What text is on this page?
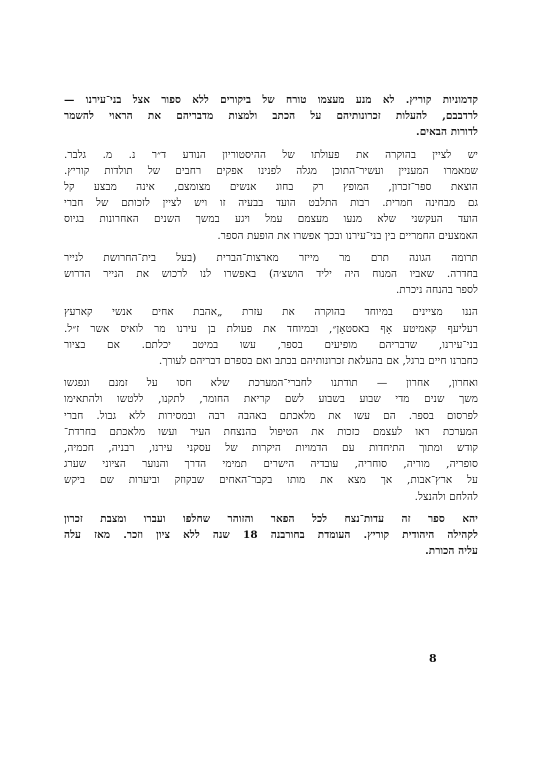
קדמוניות קוריץ. לא מנע מעצמו טורח של ביקורים ללא ספור אצל בני־עירנו —
לרדבבם, להעלות זכרונותיהם על הכתב ולמצות מדבריהם את הראוי להשמר
לדורות הבאים.
יש לציין בהוקרה את פעולתו של ההיסטוריון הנודע ד״ר נ. מ. גלבר.
שמאמרו המעניין ועשיר־התוכן מגלה לפנינו אפקים רחבים של תולדות קוריץ.
הוצאת ספר־זכרון, המופץ רק בחוג אנשים מצומצם, אינה מבצע קל
גם מבחינה חמרית. רבות התלבט הועד בבעיה זו ויש לציין לזכותם של חברי
הועד העקשני שלא מנעו מעצמם עמל ויגע במשך השנים האחרונות בגיוס
האמצעים החמריים בין בני־עירנו ובכך אפשרו את הופעת הספר.
תרומה הגונה תרם מר מייזר מארצות־הברית (בעל בית־החרושת לנייר
בחדרה. שאביו המנוח היה יליד הושצ׳ה) באפשרו לנו לרכוש את הנייר הדרוש
לספר בהנחה ניכרת.
הננו מציינים במיוחד בהוקרה את עזרת „אהבת אחים אנשי קארעץ
רעליעף קאמיטע אָף באסטאָן״, ובמיוחד את פעולת בן עירנו מר לואיס אשר ז״ל.
בני־עירנו, שדבריהם מופיעים בספר, עשו במיטב יכלתם. אם בציור
כחברנו חיים ברגל, אם בהעלאת זכרונותיהם בכתב ואם בספרם דבריהם לעורך.
ואחרון, אחרון — תודתנו לחברי־המערכת שלא חסו על זמנם ונפגשו
משך שנים מדי שבוע בשבוע לשם קריאת החומר, לתקנו, ללטשו ולהתאימו
לפרסום בספר. הם עשו את מלאכתם באהבה רבה ובמסירות ללא גבול. חברי
המערכת ראו לעצמם כזכות את הטיפול בהנצחת העיר ועשו מלאכתם בחרדת־
קודש ומתוך התיחדות עם הדמויות היקרות של עסקני עירנו, רבניה, חכמיה,
סופריה, מוריה, סוחריה, עובדיה הישרים תמימי הדרך והנוער הציוני שערג
על ארץ־אבות, אך מצא את מותו בקבר־האחים שבקוזק וביערות שם ביקש
להלחם ולהנצל.
יהא ספר זה עדות־נצח לכל הפאר והזוהר שחלפו ועברו ומצבת זכרון
לקהילה היהודית קוריץ. העומדת בחורבנה 18 שנה ללא ציון וזכר. מאז עלה
עליה הכורת.
8
